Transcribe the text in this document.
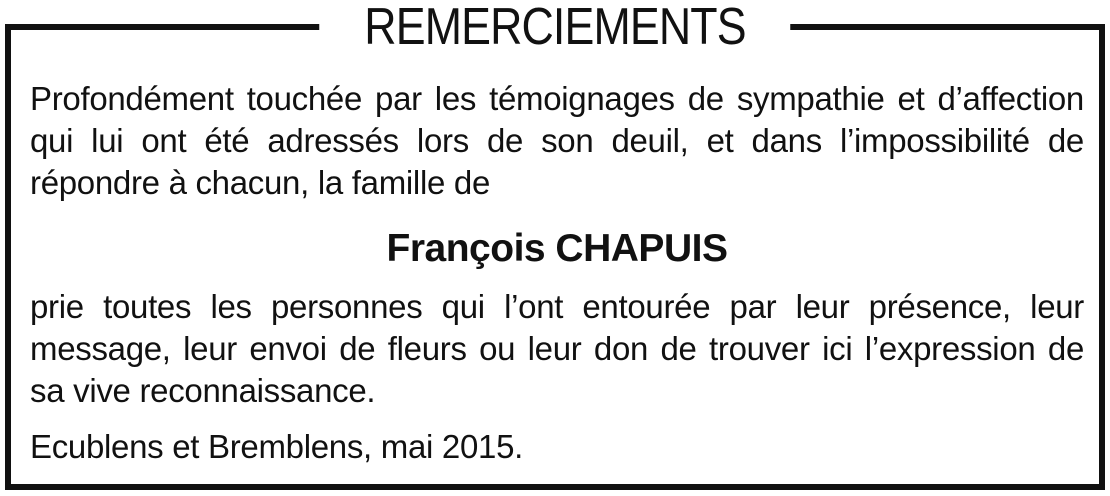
REMERCIEMENTS

Profondément touchée par les témoignages de sympathie et d’affection qui lui ont été adressés lors de son deuil, et dans l’impossibilité de répondre à chacun, la famille de

François CHAPUIS

prie toutes les personnes qui l’ont entourée par leur présence, leur message, leur envoi de fleurs ou leur don de trouver ici l’expression de sa vive reconnaissance.

Ecublens et Bremblens, mai 2015.
